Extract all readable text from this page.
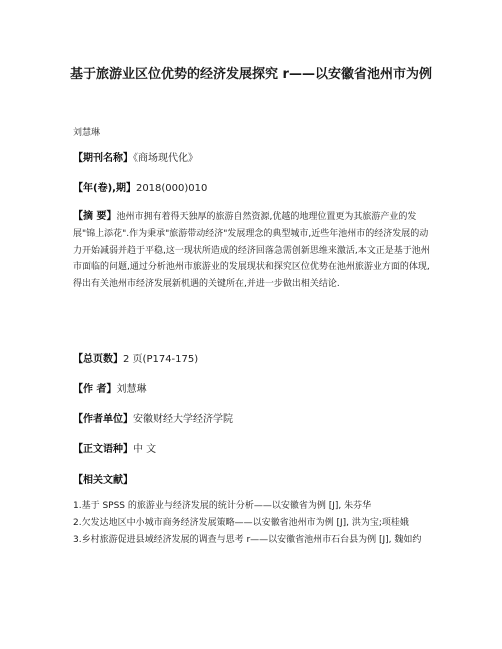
基于旅游业区位优势的经济发展探究 r——以安徽省池州市为例
刘慧琳
【期刊名称】《商场现代化》
【年(卷),期】2018(000)010

【摘 要】池州市拥有着得天独厚的旅游自然资源,优越的地理位置更为其旅游产业的发展"锦上添花".作为秉承"旅游带动经济"发展理念的典型城市,近些年池州市的经济发展的动力开始减弱并趋于平稳,这一现状所造成的经济回落急需创新思维来激活,本文正是基于池州市面临的问题,通过分析池州市旅游业的发展现状和探究区位优势在池州旅游业方面的体现,得出有关池州市经济发展新机遇的关键所在,并进一步做出相关结论.

【总页数】2 页(P174-175)
【作 者】刘慧琳
【作者单位】安徽财经大学经济学院
【正文语种】中 文
【相关文献】
1.基于 SPSS 的旅游业与经济发展的统计分析——以安徽省为例 [J], 朱芬华
2.欠发达地区中小城市商务经济发展策略——以安徽省池州市为例 [J], 洪为宝;项桂娥
3.乡村旅游促进县域经济发展的调查与思考 r——以安徽省池州市石台县为例 [J], 魏如约
